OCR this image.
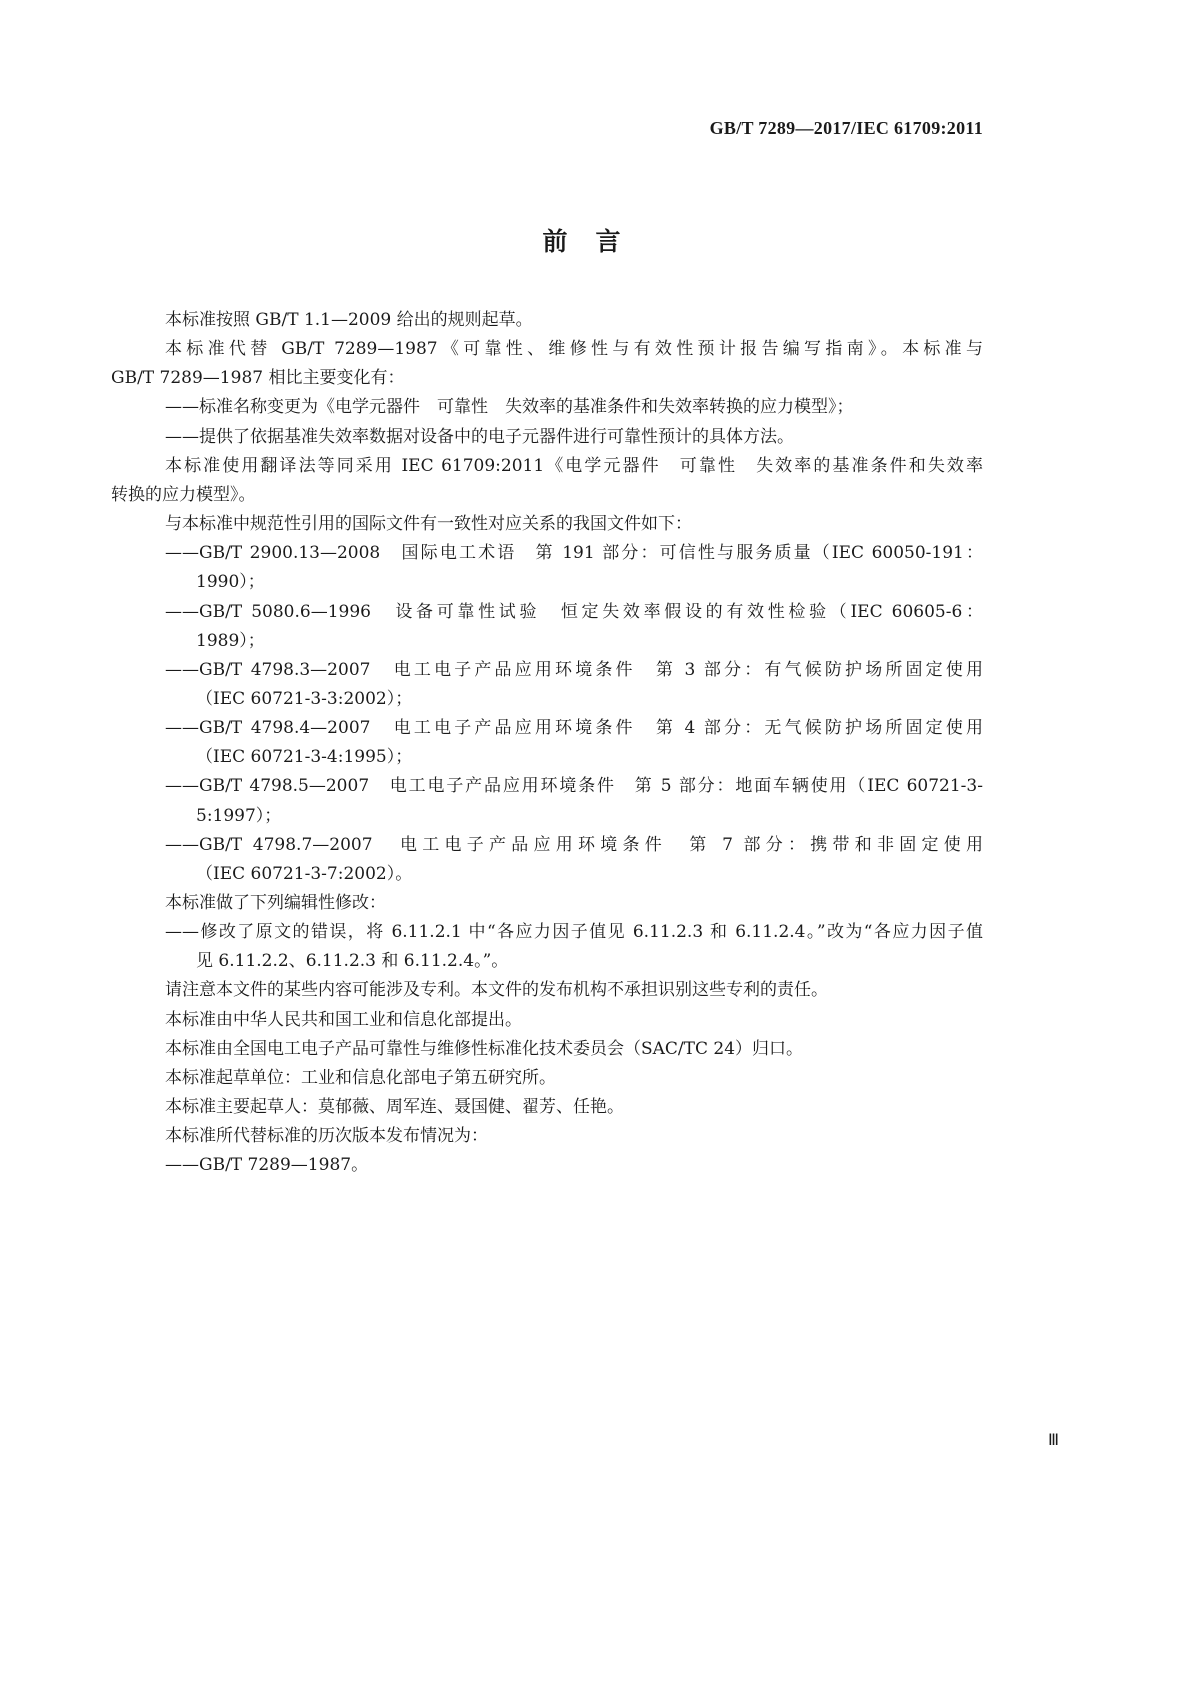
GB/T 7289—2017/IEC 61709:2011
前言
本标准按照 GB/T 1.1—2009 给出的规则起草。
本标准代替 GB/T 7289—1987《可靠性、维修性与有效性预计报告编写指南》。本标准与
GB/T 7289—1987 相比主要变化有：
——标准名称变更为《电学元器件　可靠性　失效率的基准条件和失效率转换的应力模型》；
——提供了依据基准失效率数据对设备中的电子元器件进行可靠性预计的具体方法。
本标准使用翻译法等同采用 IEC 61709:2011《电学元器件　可靠性　失效率的基准条件和失效率
转换的应力模型》。
与本标准中规范性引用的国际文件有一致性对应关系的我国文件如下：
——GB/T 2900.13—2008　国际电工术语　第 191 部分：可信性与服务质量（IEC 60050-191：
1990）；
——GB/T 5080.6—1996　设备可靠性试验　恒定失效率假设的有效性检验（IEC 60605-6：
1989）；
——GB/T 4798.3—2007　电工电子产品应用环境条件　第 3 部分：有气候防护场所固定使用
（IEC 60721-3-3:2002）；
——GB/T 4798.4—2007　电工电子产品应用环境条件　第 4 部分：无气候防护场所固定使用
（IEC 60721-3-4:1995）；
——GB/T 4798.5—2007　电工电子产品应用环境条件　第 5 部分：地面车辆使用（IEC 60721-3-
5:1997）；
——GB/T 4798.7—2007　电工电子产品应用环境条件　第 7 部分：携带和非固定使用
（IEC 60721-3-7:2002）。
本标准做了下列编辑性修改：
——修改了原文的错误，将 6.11.2.1 中“各应力因子值见 6.11.2.3 和 6.11.2.4。”改为“各应力因子值
见 6.11.2.2、6.11.2.3 和 6.11.2.4。”。
请注意本文件的某些内容可能涉及专利。本文件的发布机构不承担识别这些专利的责任。
本标准由中华人民共和国工业和信息化部提出。
本标准由全国电工电子产品可靠性与维修性标准化技术委员会（SAC/TC 24）归口。
本标准起草单位：工业和信息化部电子第五研究所。
本标准主要起草人：莫郁薇、周军连、聂国健、翟芳、任艳。
本标准所代替标准的历次版本发布情况为：
——GB/T 7289—1987。
Ⅲ
